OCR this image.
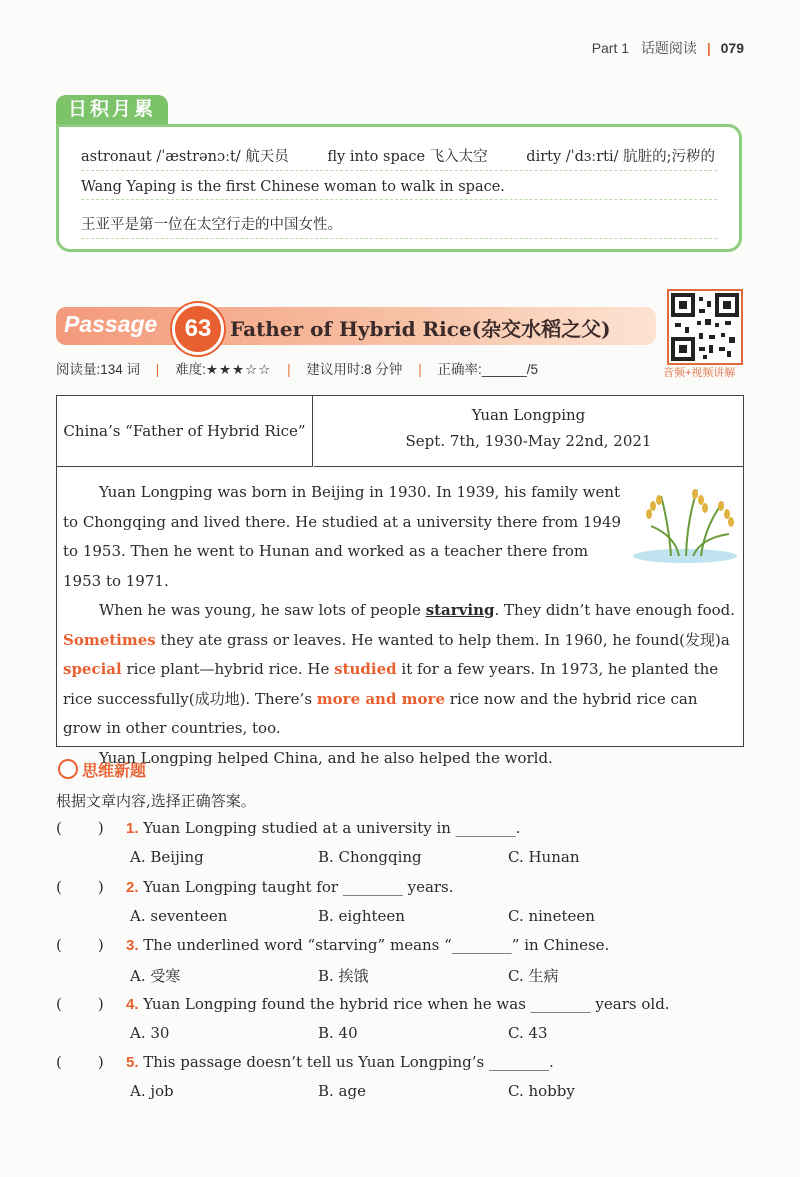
Part 1 话题阅读 | 079
日积月累
astronaut /ˈæstrənɔːt/ 航天员	fly into space 飞入太空	dirty /ˈdɜːrti/ 肮脏的;污秽的
Wang Yaping is the first Chinese woman to walk in space.
王亚平是第一位在太空行走的中国女性。
Passage	63 Father of Hybrid Rice(杂交水稻之父)
音频+视频讲解
阅读量:134 词 | 难度:★★★☆☆ | 建议用时:8 分钟 | 正确率:______/5
China’s “Father of Hybrid Rice”
Yuan Longping
Sept. 7th, 1930-May 22nd, 2021

Yuan Longping was born in Beijing in 1930. In 1939, his family went to Chongqing and lived there. He studied at a university there from 1949 to 1953. Then he went to Hunan and worked as a teacher there from 1953 to 1971.

When he was young, he saw lots of people starving. They didn’t have enough food. Sometimes they ate grass or leaves. He wanted to help them. In 1960, he found(发现)a special rice plant—hybrid rice. He studied it for a few years. In 1973, he planted the rice successfully(成功地). There’s more and more rice now and the hybrid rice can grow in other countries, too.

Yuan Longping helped China, and he also helped the world.

思维新题
根据文章内容,选择正确答案。
( ) 1. Yuan Longping studied at a university in ________.
A. Beijing	B. Chongqing	C. Hunan
( ) 2. Yuan Longping taught for ________ years.
A. seventeen	B. eighteen	C. nineteen
( ) 3. The underlined word “starving” means “________” in Chinese.
A. 受寒	B. 挨饿	C. 生病
( ) 4. Yuan Longping found the hybrid rice when he was ________ years old.
A. 30	B. 40	C. 43
( ) 5. This passage doesn’t tell us Yuan Longping’s ________.
A. job	B. age	C. hobby
